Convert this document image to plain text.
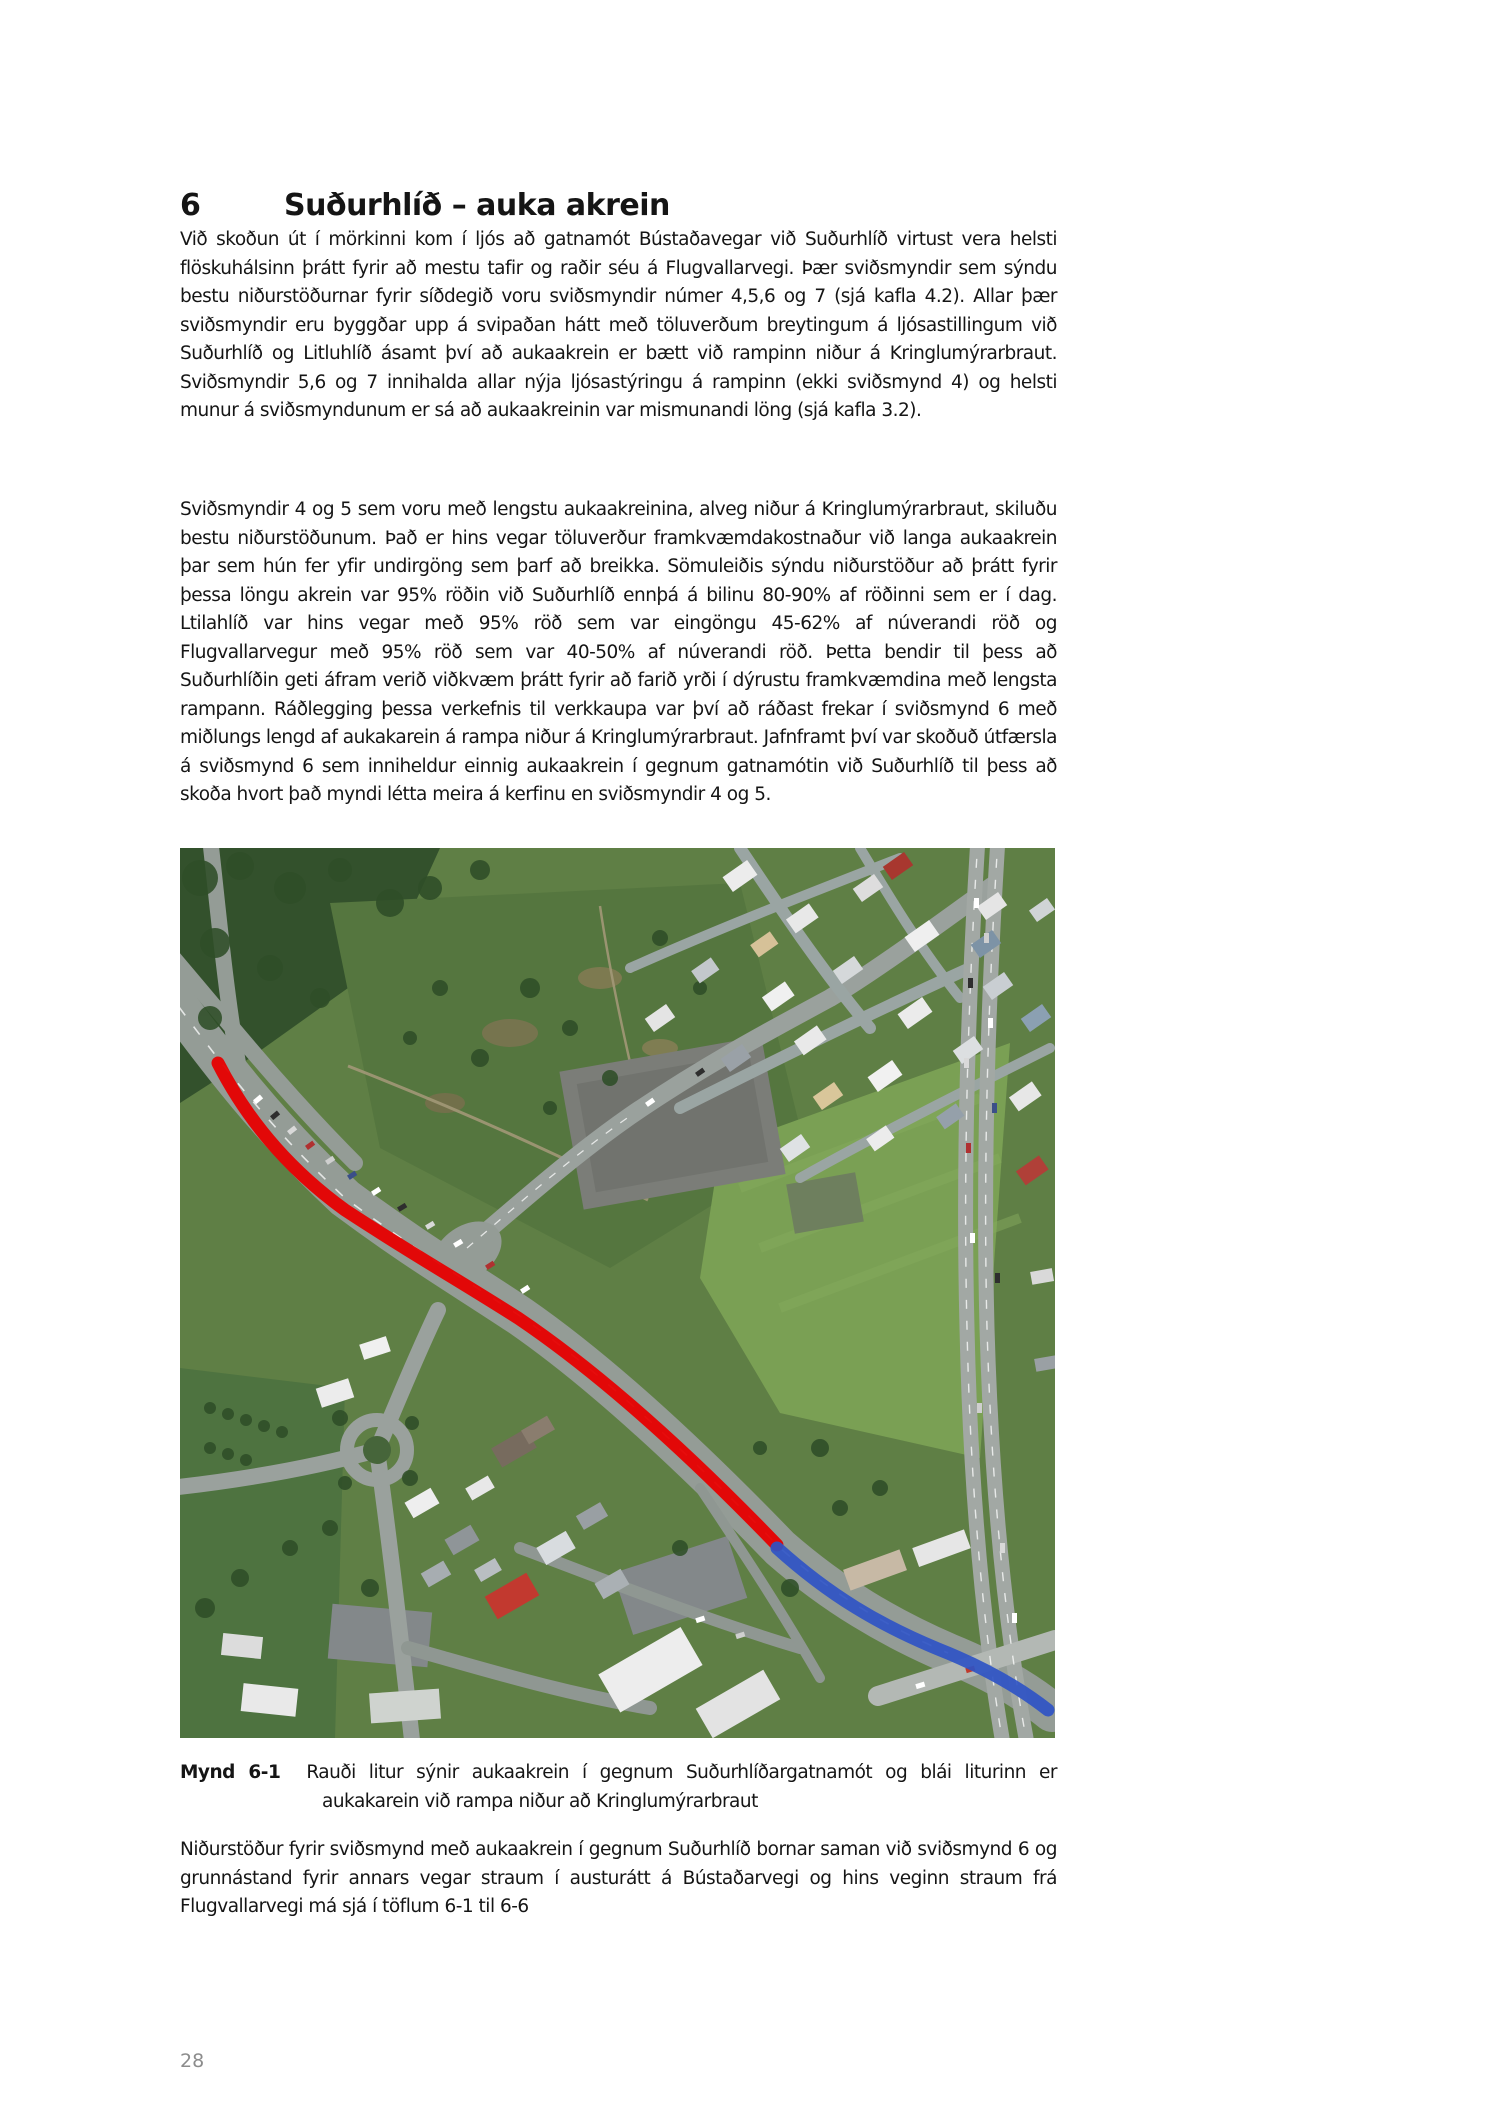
6	Suðurhlíð – auka akrein
Við skoðun út í mörkinni kom í ljós að gatnamót Bústaðavegar við Suðurhlíð virtust vera helsti flöskuhálsinn þrátt fyrir að mestu tafir og raðir séu á Flugvallarvegi. Þær sviðsmyndir sem sýndu bestu niðurstöðurnar fyrir síðdegið voru sviðsmyndir númer 4,5,6 og 7 (sjá kafla 4.2). Allar þær sviðsmyndir eru byggðar upp á svipaðan hátt með töluverðum breytingum á ljósastillingum við Suðurhlíð og Litluhlíð ásamt því að aukaakrein er bætt við rampinn niður á Kringlumýrarbraut. Sviðsmyndir 5,6 og 7 innihalda allar nýja ljósastýringu á rampinn (ekki sviðsmynd 4) og helsti munur á sviðsmyndunum er sá að aukaakreinin var mismunandi löng (sjá kafla 3.2).
Sviðsmyndir 4 og 5 sem voru með lengstu aukaakreinina, alveg niður á Kringlumýrarbraut, skiluðu bestu niðurstöðunum. Það er hins vegar töluverður framkvæmdakostnaður við langa aukaakrein þar sem hún fer yfir undirgöng sem þarf að breikka. Sömuleiðis sýndu niðurstöður að þrátt fyrir þessa löngu akrein var 95% röðin við Suðurhlíð ennþá á bilinu 80-90% af röðinni sem er í dag. Ltilahlíð var hins vegar með 95% röð sem var eingöngu 45-62% af núverandi röð og Flugvallarvegur með 95% röð sem var 40-50% af núverandi röð. Þetta bendir til þess að Suðurhlíðin geti áfram verið viðkvæm þrátt fyrir að farið yrði í dýrustu framkvæmdina með lengsta rampann. Ráðlegging þessa verkefnis til verkkaupa var því að ráðast frekar í sviðsmynd 6 með miðlungs lengd af aukakarein á rampa niður á Kringlumýrarbraut. Jafnframt því var skoðuð útfærsla á sviðsmynd 6 sem inniheldur einnig aukaakrein í gegnum gatnamótin við Suðurhlíð til þess að skoða hvort það myndi létta meira á kerfinu en sviðsmyndir 4 og 5.
Mynd 6-1 Rauði litur sýnir aukaakrein í gegnum Suðurhlíðargatnamót og blái liturinn er aukakarein við rampa niður að Kringlumýrarbraut
Niðurstöður fyrir sviðsmynd með aukaakrein í gegnum Suðurhlíð bornar saman við sviðsmynd 6 og grunnástand fyrir annars vegar straum í austurátt á Bústaðarvegi og hins veginn straum frá Flugvallarvegi má sjá í töflum 6-1 til 6-6
28
